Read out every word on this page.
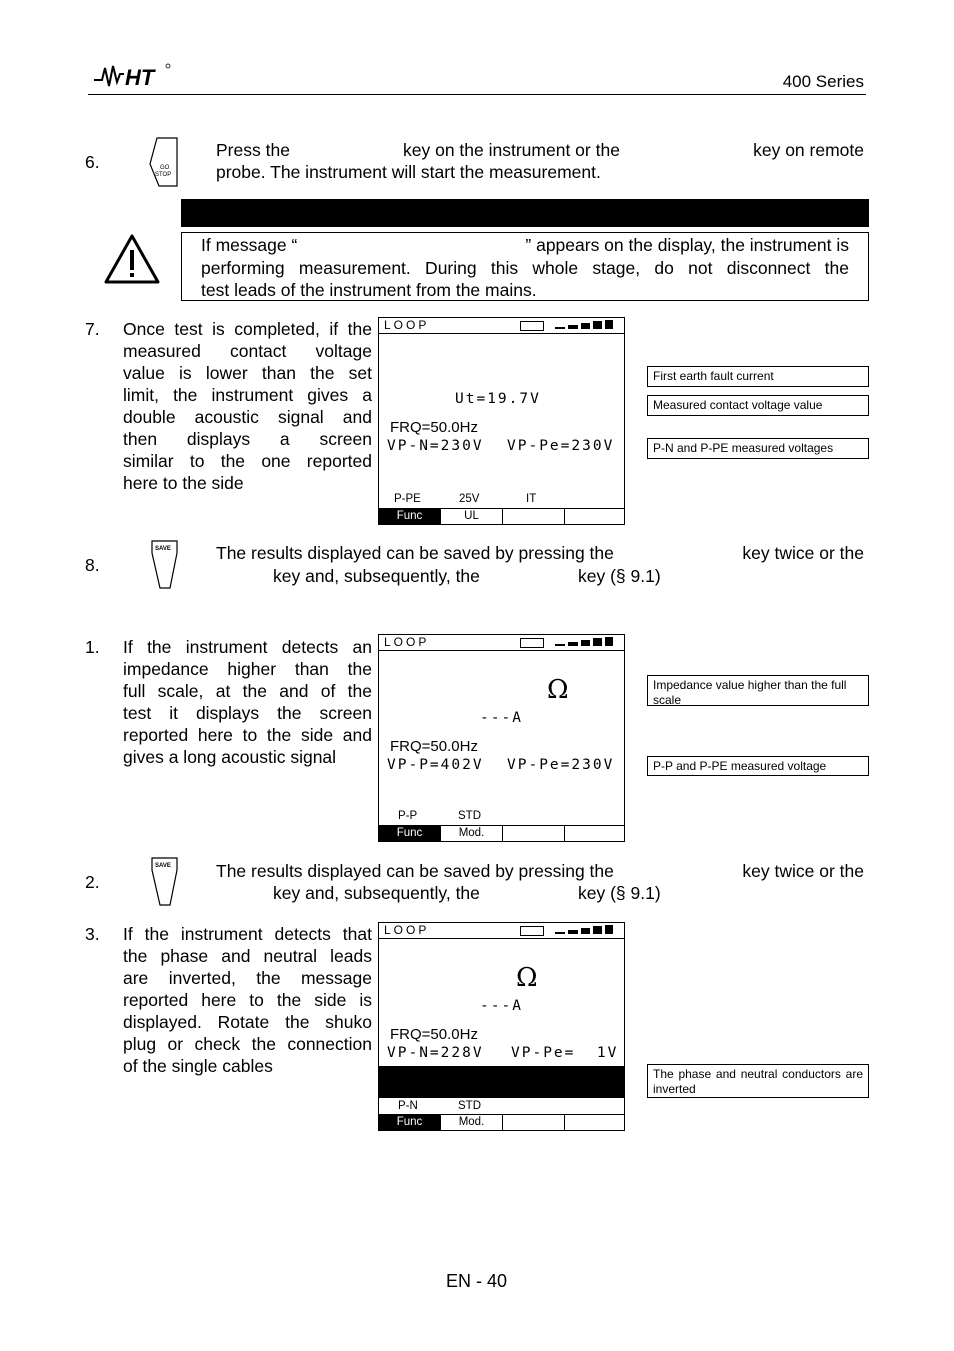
HT	400 Series
6.	GO
STOP
Press the	key on the instrument or the	key on remote
probe. The instrument will start the measurement.
If message “	” appears on the display, the instrument is
performing measurement. During this whole stage, do not disconnect the
test leads of the instrument from the mains.
7. Once test is completed, if the
measured contact voltage
value is lower than the set
limit, the instrument gives a
double acoustic signal and
then displays a screen
similar to the one reported
here to the side
LOOP
Ut=19.7V
FRQ=50.0Hz
VP-N=230V VP-Pe=230V
P-PE	25V	IT
Func	UL
First earth fault current
Measured contact voltage value
P-N and P-PE measured voltages
8.
SAVE	The results displayed can be saved by pressing the	key twice or the
key and, subsequently, the	key (§ 9.1)
1. If the instrument detects an
impedance higher than the
full scale, at the and of the
test it displays the screen
reported here to the side and
gives a long acoustic signal
LOOP
Ω
---A
FRQ=50.0Hz
VP-P=402V VP-Pe=230V
P-P	STD
Func	Mod.
Impedance value higher than the full scale
P-P and P-PE measured voltage
2.
SAVE	The results displayed can be saved by pressing the	key twice or the
key and, subsequently, the	key (§ 9.1)
3. If the instrument detects that
the phase and neutral leads
are inverted, the message
reported here to the side is
displayed. Rotate the shuko
plug or check the connection
of the single cables
LOOP
Ω
---A
FRQ=50.0Hz
VP-N=228V VP-Pe=  1V
P-N	STD
Func	Mod.
The phase and neutral conductors are inverted
EN - 40
